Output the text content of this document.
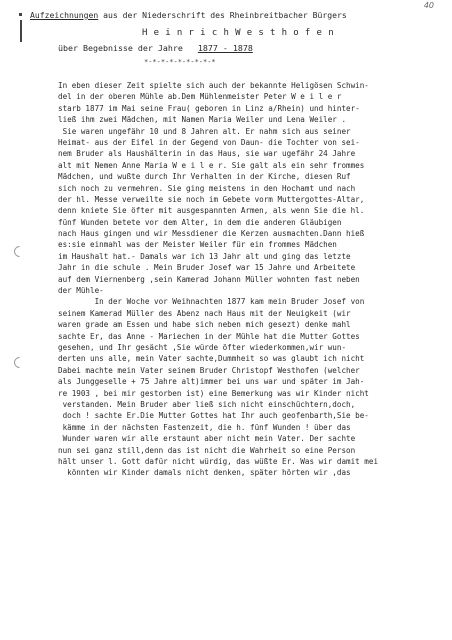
40
Aufzeichnungen aus der Niederschrift des Rheinbreitbacher Bürgers
H e i n r i c h W e s t h o f e n
über Begebnisse der Jahre   1877 - 1878
*-*-*-*-*-*-*-*-*
In eben dieser Zeit spielte sich auch der bekannte Heligösen Schwin-
del in der oberen Mühle ab.Dem Mühlenmeister Peter W e i l e r
starb 1877 im Mai seine Frau( geboren in Linz a/Rhein) und hinter-
ließ ihm zwei Mädchen, mit Namen Maria Weiler und Lena Weiler .
Sie waren ungefähr 10 und 8 Jahren alt. Er nahm sich aus seiner
Heimat- aus der Eifel in der Gegend von Daun- die Tochter von sei-
nem Bruder als Haushälterin in das Haus, sie war ugefähr 24 Jahre
alt mit Nemen Anne Maria W e i l e r. Sie galt als ein sehr frommes
Mädchen, und wußte durch Ihr Verhalten in der Kirche, diesen Ruf
sich noch zu vermehren. Sie ging meistens in den Hochamt und nach
der hl. Messe verweilte sie noch im Gebete vorm Muttergottes-Altar,
denn kniete Sie öfter mit ausgespannten Armen, als wenn Sie die hl.
fünf Wunden betete vor dem Alter, in dem die anderen Gläubigen
nach Haus gingen und wir Messdiener die Kerzen ausmachten.Dann hieß
es:sie einmahl was der Meister Weiler für ein frommes Mädchen
im Haushalt hat.- Damals war ich 13 Jahr alt und ging das letzte
Jahr in die schule . Mein Bruder Josef war 15 Jahre und Arbeitete
auf dem Viernenberg ,sein Kamerad Johann Müller wohnten fast neben
der Mühle-
In der Woche vor Weihnachten 1877 kam mein Bruder Josef von
seinem Kamerad Müller des Abenz nach Haus mit der Neuigkeit (wir
waren grade am Essen und habe sich neben mich gesezt) denke mahl
sachte Er, das Anne - Mariechen in der Mühle hat die Mutter Gottes
gesehen, und Ihr gesächt ,Sie würde öfter wiederkommen,wir wun-
derten uns alle, mein Vater sachte,Dummheit so was glaubt ich nicht
Dabei machte mein Vater seinem Bruder Christopf Westhofen (welcher
als Junggeselle + 75 Jahre alt)immer bei uns war und später im Jah-
re 1903 , bei mir gestorben ist) eine Bemerkung was wir Kinder nicht
verstanden. Mein Bruder aber ließ sich nicht einschüchtern,doch,
doch ! sachte Er.Die Mutter Gottes hat Ihr auch geofenbarth,Sie be-
kämme in der nächsten Fastenzeit, die h. fünf Wunden ! über das
Wunder waren wir alle erstaunt aber nicht mein Vater. Der sachte
nun sei ganz still,denn das ist nicht die Wahrheit so eine Person
hält unser l. Gott dafür nicht würdig, das wüßte Er. Was wir damit mei
könnten wir Kinder damals nicht denken, später hörten wir ,das
